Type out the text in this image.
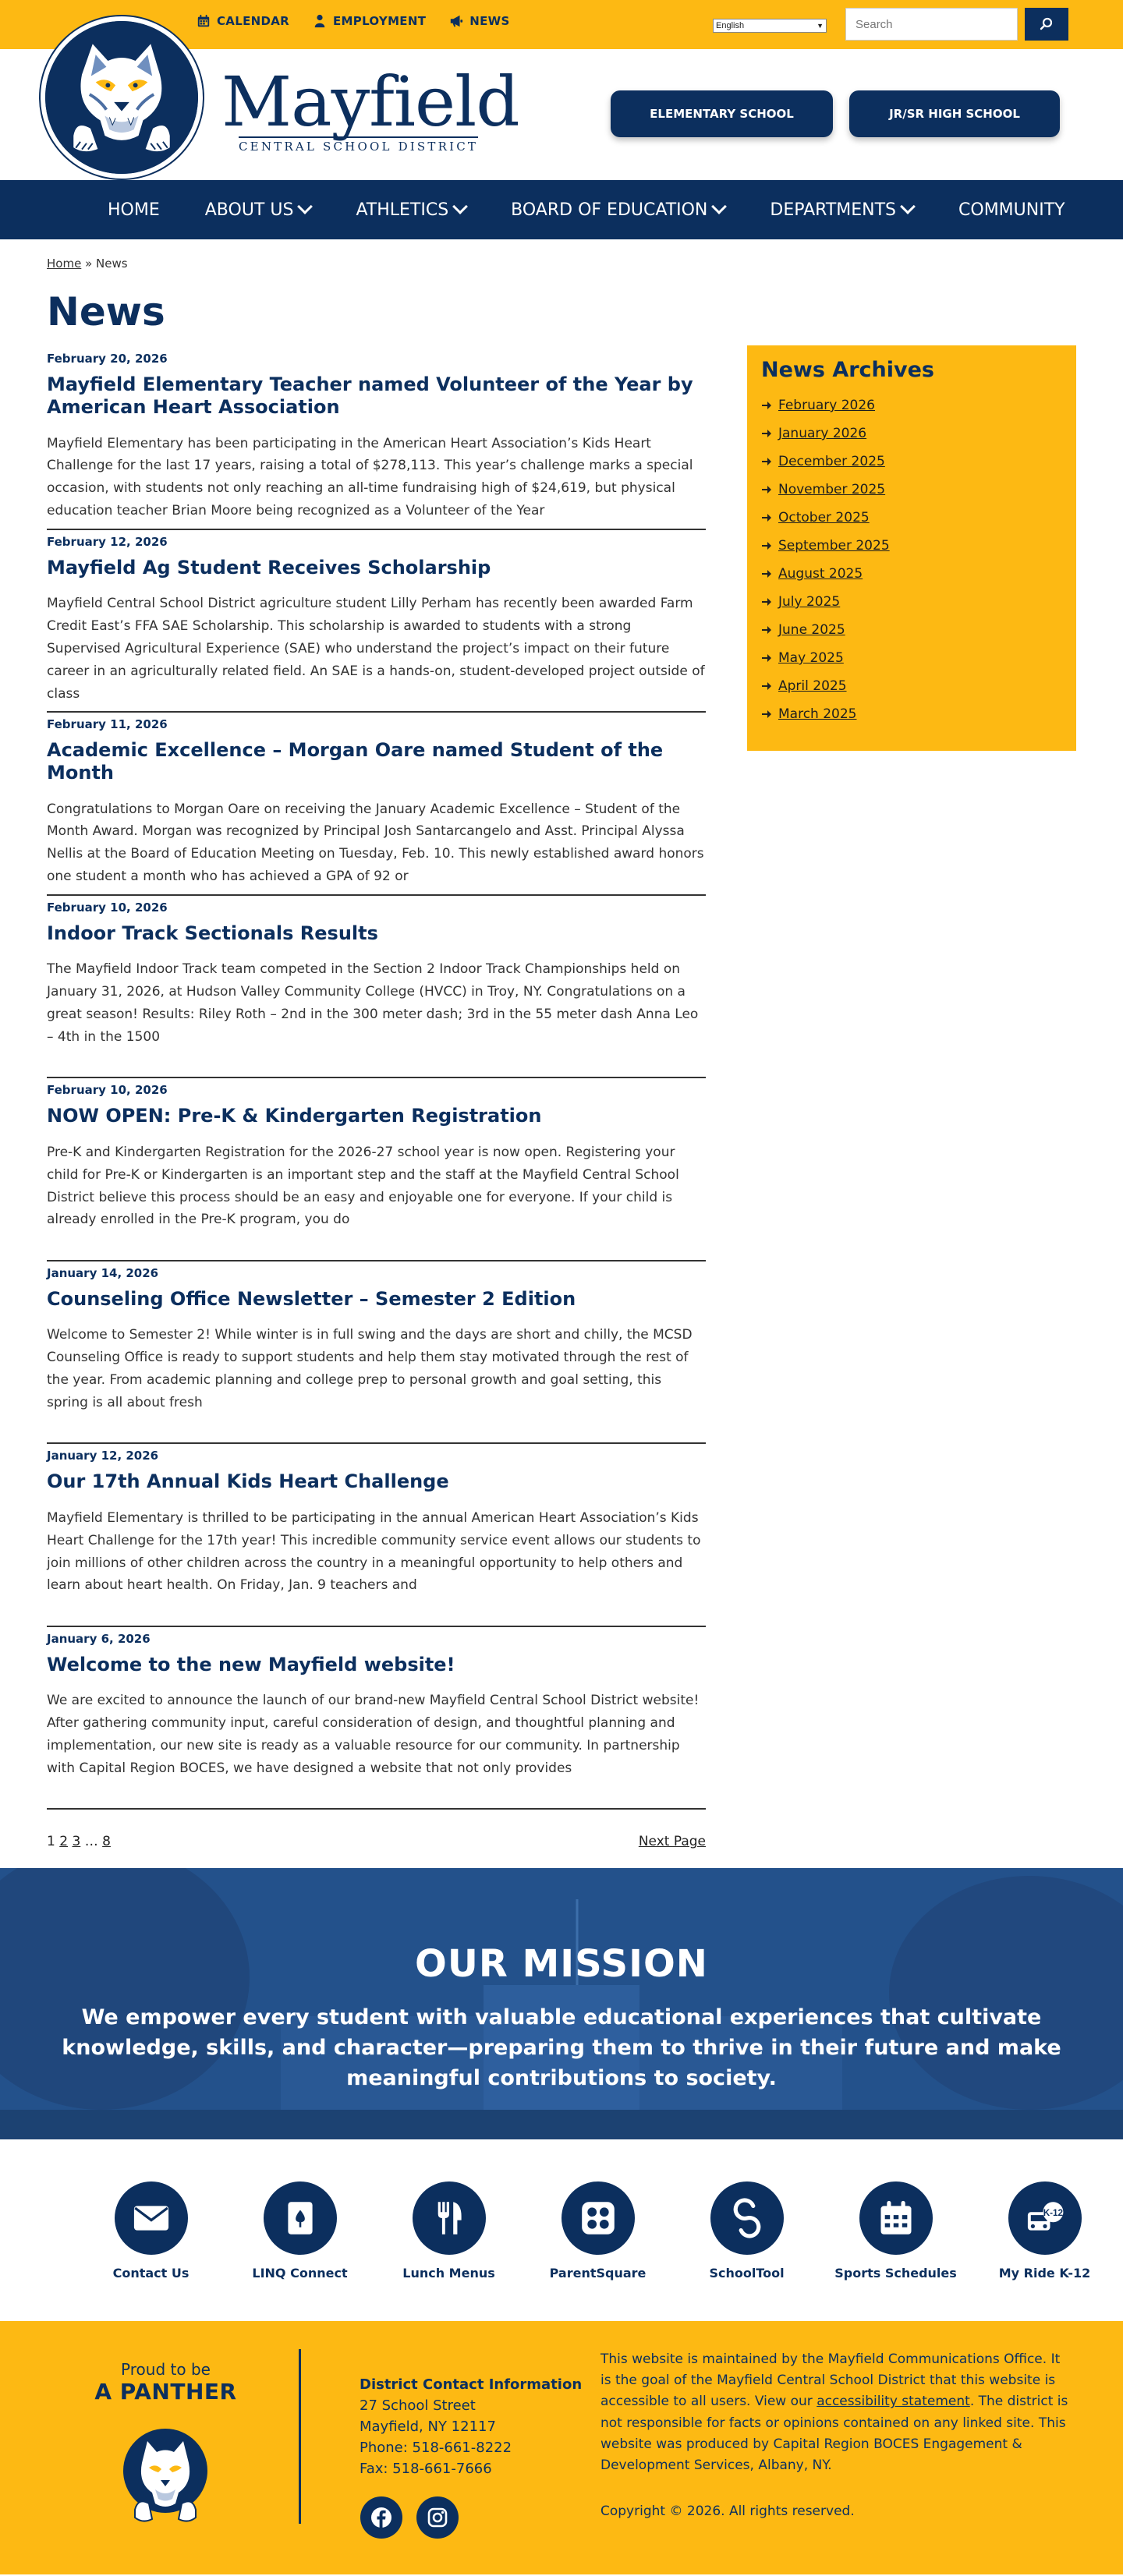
CALENDAR	EMPLOYMENT	NEWS	English	▼	Search
Mayfield
CENTRAL SCHOOL DISTRICT
ELEMENTARY SCHOOL	JR/SR HIGH SCHOOL
HOME	ABOUT US	ATHLETICS	BOARD OF EDUCATION	DEPARTMENTS	COMMUNITY
Home » News
News
February 20, 2026
Mayfield Elementary Teacher named Volunteer of the Year by American Heart Association
Mayfield Elementary has been participating in the American Heart Association’s Kids Heart Challenge for the last 17 years, raising a total of $278,113. This year’s challenge marks a special occasion, with students not only reaching an all-time fundraising high of $24,619, but physical education teacher Brian Moore being recognized as a Volunteer of the Year
February 12, 2026
Mayfield Ag Student Receives Scholarship
Mayfield Central School District agriculture student Lilly Perham has recently been awarded Farm Credit East’s FFA SAE Scholarship. This scholarship is awarded to students with a strong Supervised Agricultural Experience (SAE) who understand the project’s impact on their future career in an agriculturally related field. An SAE is a hands-on, student-developed project outside of class
February 11, 2026
Academic Excellence – Morgan Oare named Student of the Month
Congratulations to Morgan Oare on receiving the January Academic Excellence – Student of the Month Award. Morgan was recognized by Principal Josh Santarcangelo and Asst. Principal Alyssa Nellis at the Board of Education Meeting on Tuesday, Feb. 10. This newly established award honors one student a month who has achieved a GPA of 92 or
February 10, 2026
Indoor Track Sectionals Results
The Mayfield Indoor Track team competed in the Section 2 Indoor Track Championships held on January 31, 2026, at Hudson Valley Community College (HVCC) in Troy, NY. Congratulations on a great season! Results: Riley Roth – 2nd in the 300 meter dash; 3rd in the 55 meter dash Anna Leo – 4th in the 1500
February 10, 2026
NOW OPEN: Pre-K & Kindergarten Registration
Pre-K and Kindergarten Registration for the 2026-27 school year is now open. Registering your child for Pre-K or Kindergarten is an important step and the staff at the Mayfield Central School District believe this process should be an easy and enjoyable one for everyone. If your child is already enrolled in the Pre-K program, you do
January 14, 2026
Counseling Office Newsletter – Semester 2 Edition
Welcome to Semester 2! While winter is in full swing and the days are short and chilly, the MCSD Counseling Office is ready to support students and help them stay motivated through the rest of the year. From academic planning and college prep to personal growth and goal setting, this spring is all about fresh
January 12, 2026
Our 17th Annual Kids Heart Challenge
Mayfield Elementary is thrilled to be participating in the annual American Heart Association’s Kids Heart Challenge for the 17th year! This incredible community service event allows our students to join millions of other children across the country in a meaningful opportunity to help others and learn about heart health. On Friday, Jan. 9 teachers and
January 6, 2026
Welcome to the new Mayfield website!
We are excited to announce the launch of our brand-new Mayfield Central School District website! After gathering community input, careful consideration of design, and thoughtful planning and implementation, our new site is ready as a valuable resource for our community. In partnership with Capital Region BOCES, we have designed a website that not only provides
1 2 3 … 8	Next Page
News Archives
February 2026
January 2026
December 2025
November 2025
October 2025
September 2025
August 2025
July 2025
June 2025
May 2025
April 2025
March 2025
OUR MISSION

We empower every student with valuable educational experiences that cultivate knowledge, skills, and character—preparing them to thrive in their future and make meaningful contributions to society.

Contact Us	LINQ Connect	Lunch Menus	ParentSquare	SchoolTool	Sports Schedules
K-12
My Ride K-12
Proud to be
A PANTHER	District Contact Information
27 School Street
Mayfield, NY 12117
Phone: 518-661-8222
Fax: 518-661-7666
This website is maintained by the Mayfield Communications Office. It is the goal of the Mayfield Central School District that this website is accessible to all users. View our accessibility statement. The district is not responsible for facts or opinions contained on any linked site. This website was produced by Capital Region BOCES Engagement & Development Services, Albany, NY.
Copyright © 2026. All rights reserved.
